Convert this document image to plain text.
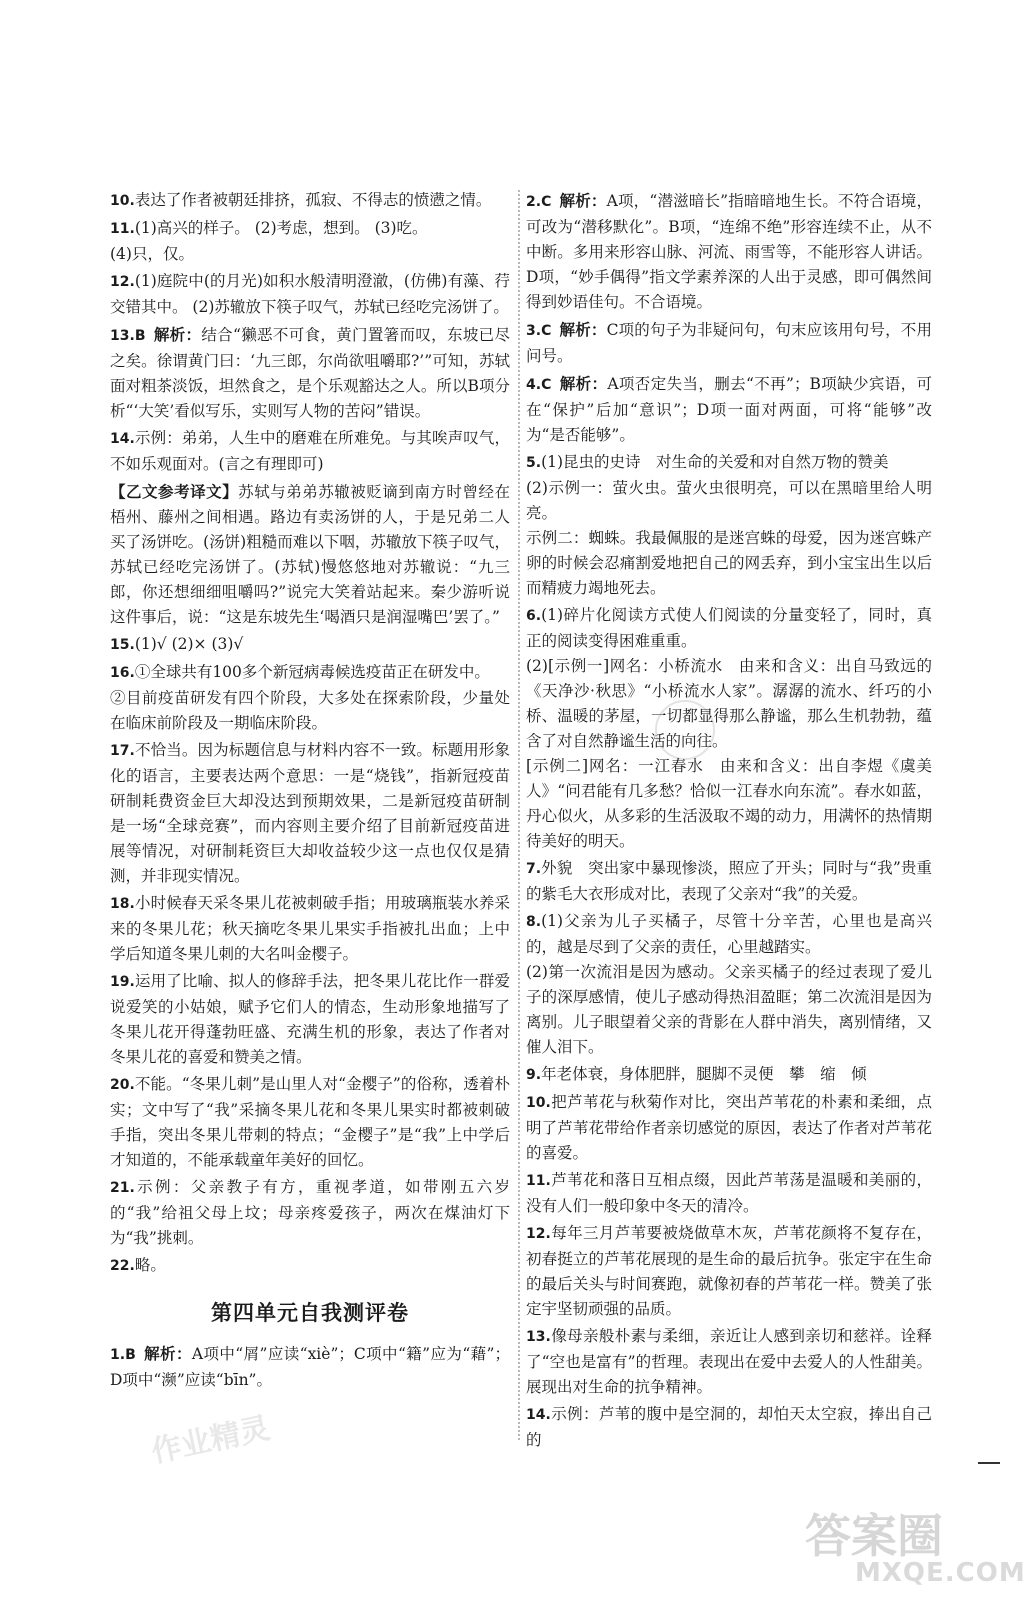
10.表达了作者被朝廷排挤，孤寂、不得志的愤懑之情。
11.(1)高兴的样子。 (2)考虑，想到。 (3)吃。
(4)只，仅。
12.(1)庭院中(的月光)如积水般清明澄澈，(仿佛)有藻、荇交错其中。 (2)苏辙放下筷子叹气，苏轼已经吃完汤饼了。
13.B 解析：结合“獭恶不可食，黄门置箸而叹，东坡已尽之矣。徐谓黄门曰：‘九三郎，尔尚欲咀嚼耶?’”可知，苏轼面对粗茶淡饭，坦然食之，是个乐观豁达之人。所以B项分析“‘大笑’看似写乐，实则写人物的苦闷”错误。
14.示例：弟弟，人生中的磨难在所难免。与其唉声叹气，不如乐观面对。(言之有理即可)
【乙文参考译文】苏轼与弟弟苏辙被贬谪到南方时曾经在梧州、藤州之间相遇。路边有卖汤饼的人，于是兄弟二人买了汤饼吃。(汤饼)粗糙而难以下咽，苏辙放下筷子叹气，苏轼已经吃完汤饼了。(苏轼)慢悠悠地对苏辙说：“九三郎，你还想细细咀嚼吗?”说完大笑着站起来。秦少游听说这件事后，说：“这是东坡先生‘喝酒只是润湿嘴巴’罢了。”
15.(1)√ (2)× (3)√
16.①全球共有100多个新冠病毒候选疫苗正在研发中。
②目前疫苗研发有四个阶段，大多处在探索阶段，少量处在临床前阶段及一期临床阶段。
17.不恰当。因为标题信息与材料内容不一致。标题用形象化的语言，主要表达两个意思：一是“烧钱”，指新冠疫苗研制耗费资金巨大却没达到预期效果，二是新冠疫苗研制是一场“全球竞赛”，而内容则主要介绍了目前新冠疫苗进展等情况，对研制耗资巨大却收益较少这一点也仅仅是猜测，并非现实情况。
18.小时候春天采冬果儿花被刺破手指；用玻璃瓶装水养采来的冬果儿花；秋天摘吃冬果儿果实手指被扎出血；上中学后知道冬果儿刺的大名叫金樱子。
19.运用了比喻、拟人的修辞手法，把冬果儿花比作一群爱说爱笑的小姑娘，赋予它们人的情态，生动形象地描写了冬果儿花开得蓬勃旺盛、充满生机的形象，表达了作者对冬果儿花的喜爱和赞美之情。
20.不能。“冬果儿刺”是山里人对“金樱子”的俗称，透着朴实；文中写了“我”采摘冬果儿花和冬果儿果实时都被刺破手指，突出冬果儿带刺的特点；“金樱子”是“我”上中学后才知道的，不能承载童年美好的回忆。
21.示例：父亲教子有方，重视孝道，如带刚五六岁的“我”给祖父母上坟；母亲疼爱孩子，两次在煤油灯下为“我”挑刺。
22.略。
第四单元自我测评卷
1.B 解析：A项中“屑”应读“xiè”；C项中“籍”应为“藉”；D项中“濒”应读“bīn”。
2.C 解析：A项，“潜滋暗长”指暗暗地生长。不符合语境，可改为“潜移默化”。B项，“连绵不绝”形容连续不止，从不中断。多用来形容山脉、河流、雨雪等，不能形容人讲话。D项，“妙手偶得”指文学素养深的人出于灵感，即可偶然间得到妙语佳句。不合语境。
3.C 解析：C项的句子为非疑问句，句末应该用句号，不用问号。
4.C 解析：A项否定失当，删去“不再”；B项缺少宾语，可在“保护”后加“意识”；D项一面对两面，可将“能够”改为“是否能够”。
5.(1)昆虫的史诗　对生命的关爱和对自然万物的赞美
(2)示例一：萤火虫。萤火虫很明亮，可以在黑暗里给人明亮。
示例二：蜘蛛。我最佩服的是迷宫蛛的母爱，因为迷宫蛛产卵的时候会忍痛割爱地把自己的网丢弃，到小宝宝出生以后而精疲力竭地死去。
6.(1)碎片化阅读方式使人们阅读的分量变轻了，同时，真正的阅读变得困难重重。
(2)[示例一]网名：小桥流水　由来和含义：出自马致远的《天净沙·秋思》“小桥流水人家”。潺潺的流水、纤巧的小桥、温暖的茅屋，一切都显得那么静谧，那么生机勃勃，蕴含了对自然静谧生活的向往。
[示例二]网名：一江春水　由来和含义：出自李煜《虞美人》“问君能有几多愁？恰似一江春水向东流”。春水如蓝，丹心似火，从多彩的生活汲取不竭的动力，用满怀的热情期待美好的明天。
7.外貌　突出家中暴现惨淡，照应了开头；同时与“我”贵重的紫毛大衣形成对比，表现了父亲对“我”的关爱。
8.(1)父亲为儿子买橘子，尽管十分辛苦，心里也是高兴的，越是尽到了父亲的责任，心里越踏实。
(2)第一次流泪是因为感动。父亲买橘子的经过表现了爱儿子的深厚感情，使儿子感动得热泪盈眶；第二次流泪是因为离别。儿子眼望着父亲的背影在人群中消失，离别情绪，又催人泪下。
9.年老体衰，身体肥胖，腿脚不灵便　攀　缩　倾
10.把芦苇花与秋菊作对比，突出芦苇花的朴素和柔细，点明了芦苇花带给作者亲切感觉的原因，表达了作者对芦苇花的喜爱。
11.芦苇花和落日互相点缀，因此芦苇荡是温暖和美丽的，没有人们一般印象中冬天的清冷。
12.每年三月芦苇要被烧做草木灰，芦苇花颜将不复存在，初春挺立的芦苇花展现的是生命的最后抗争。张定宇在生命的最后关头与时间赛跑，就像初春的芦苇花一样。赞美了张定宇坚韧顽强的品质。
13.像母亲般朴素与柔细，亲近让人感到亲切和慈祥。诠释了“空也是富有”的哲理。表现出在爱中去爱人的人性甜美。展现出对生命的抗争精神。
14.示例：芦苇的腹中是空洞的，却怕天太空寂，捧出自己的
作业精灵
答案圈
MXQE.COM
